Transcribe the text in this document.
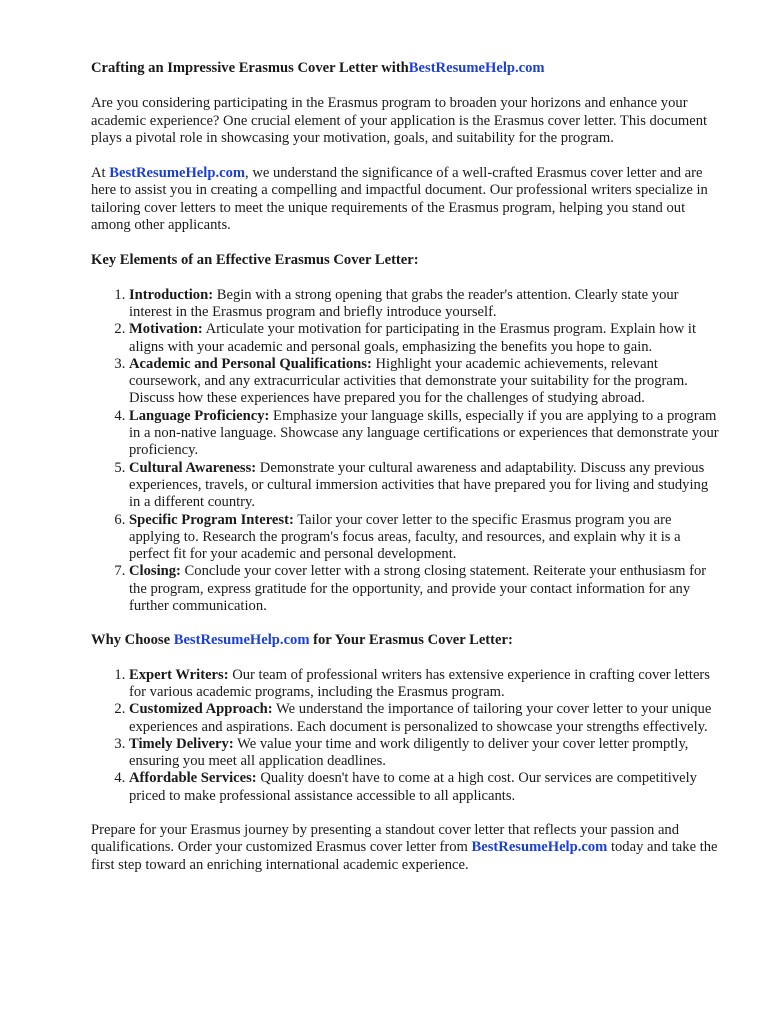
Crafting an Impressive Erasmus Cover Letter withBestResumeHelp.com

Are you considering participating in the Erasmus program to broaden your horizons and enhance your academic experience? One crucial element of your application is the Erasmus cover letter. This document plays a pivotal role in showcasing your motivation, goals, and suitability for the program.

At BestResumeHelp.com, we understand the significance of a well-crafted Erasmus cover letter and are here to assist you in creating a compelling and impactful document. Our professional writers specialize in tailoring cover letters to meet the unique requirements of the Erasmus program, helping you stand out among other applicants.

Key Elements of an Effective Erasmus Cover Letter:
1. Introduction: Begin with a strong opening that grabs the reader's attention. Clearly state your interest in the Erasmus program and briefly introduce yourself.
2. Motivation: Articulate your motivation for participating in the Erasmus program. Explain how it aligns with your academic and personal goals, emphasizing the benefits you hope to gain.
3. Academic and Personal Qualifications: Highlight your academic achievements, relevant coursework, and any extracurricular activities that demonstrate your suitability for the program. Discuss how these experiences have prepared you for the challenges of studying abroad.
4. Language Proficiency: Emphasize your language skills, especially if you are applying to a program in a non-native language. Showcase any language certifications or experiences that demonstrate your proficiency.
5. Cultural Awareness: Demonstrate your cultural awareness and adaptability. Discuss any previous experiences, travels, or cultural immersion activities that have prepared you for living and studying in a different country.
6. Specific Program Interest: Tailor your cover letter to the specific Erasmus program you are applying to. Research the program's focus areas, faculty, and resources, and explain why it is a perfect fit for your academic and personal development.
7. Closing: Conclude your cover letter with a strong closing statement. Reiterate your enthusiasm for the program, express gratitude for the opportunity, and provide your contact information for any further communication.
Why Choose BestResumeHelp.com for Your Erasmus Cover Letter:
1. Expert Writers: Our team of professional writers has extensive experience in crafting cover letters for various academic programs, including the Erasmus program.
2. Customized Approach: We understand the importance of tailoring your cover letter to your unique experiences and aspirations. Each document is personalized to showcase your strengths effectively.
3. Timely Delivery: We value your time and work diligently to deliver your cover letter promptly, ensuring you meet all application deadlines.
4. Affordable Services: Quality doesn't have to come at a high cost. Our services are competitively priced to make professional assistance accessible to all applicants.

Prepare for your Erasmus journey by presenting a standout cover letter that reflects your passion and qualifications. Order your customized Erasmus cover letter from BestResumeHelp.com today and take the first step toward an enriching international academic experience.
